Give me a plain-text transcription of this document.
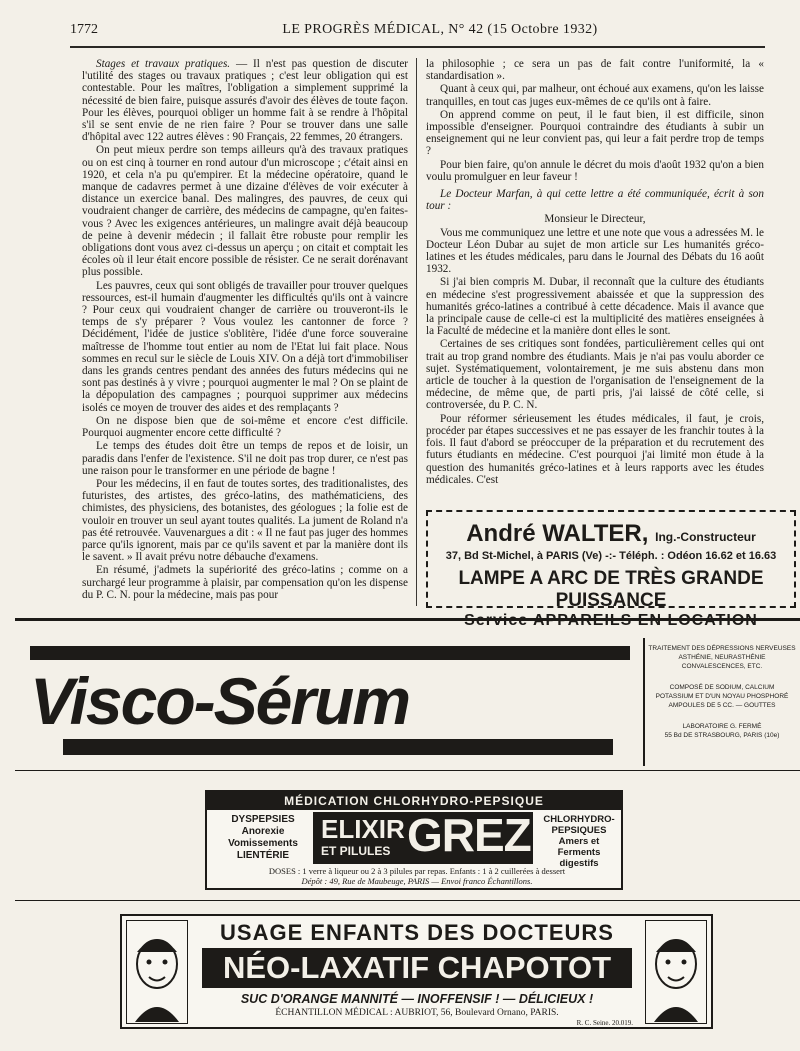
1772	LE PROGRÈS MÉDICAL, N° 42 (15 Octobre 1932)

Stages et travaux pratiques. — Il n'est pas question de discuter l'utilité des stages ou travaux pratiques ; c'est leur obligation qui est contestable. Pour les maîtres, l'obligation a simplement supprimé la nécessité de bien faire, puisque assurés d'avoir des élèves de toute façon. Pour les élèves, pourquoi obliger un homme fait à se rendre à l'hôpital s'il se sent envie de ne rien faire ? Pour se trouver dans une salle d'hôpital avec 122 autres élèves : 90 Français, 22 femmes, 20 étrangers.

On peut mieux perdre son temps ailleurs qu'à des travaux pratiques ou on est cinq à tourner en rond autour d'un microscope ; c'était ainsi en 1920, et cela n'a pu qu'empirer. Et la médecine opératoire, quand le manque de cadavres permet à une dizaine d'élèves de voir exécuter à distance un exercice banal. Des malingres, des pauvres, de ceux qui voudraient changer de carrière, des médecins de campagne, qu'en faites-vous ? Avec les exigences antérieures, un malingre avait déjà beaucoup de peine à devenir médecin ; il fallait être robuste pour remplir les obligations dont vous avez ci-dessus un aperçu ; on citait et comptait les écoles où il leur était encore possible de résister. Ce ne serait dorénavant plus possible.

Les pauvres, ceux qui sont obligés de travailler pour trouver quelques ressources, est-il humain d'augmenter les difficultés qu'ils ont à vaincre ? Pour ceux qui voudraient changer de carrière ou trouveront-ils le temps de s'y préparer ? Vous voulez les cantonner de force ? Décidément, l'idée de justice s'oblitère, l'idée d'une force souveraine maîtresse de l'homme tout entier au nom de l'Etat lui fait place. Nous sommes en recul sur le siècle de Louis XIV. On a déjà tort d'immobiliser dans les grands centres pendant des années des futurs médecins qui ne sont pas destinés à y vivre ; pourquoi augmenter le mal ? On se plaint de la dépopulation des campagnes ; pourquoi supprimer aux médecins isolés ce moyen de trouver des aides et des remplaçants ?

On ne dispose bien que de soi-même et encore c'est difficile. Pourquoi augmenter encore cette difficulté ?

Le temps des études doit être un temps de repos et de loisir, un paradis dans l'enfer de l'existence. S'il ne doit pas trop durer, ce n'est pas une raison pour le transformer en une période de bagne !

Pour les médecins, il en faut de toutes sortes, des traditionalistes, des futuristes, des artistes, des gréco-latins, des mathématiciens, des chimistes, des physiciens, des botanistes, des géologues ; la folie est de vouloir en trouver un seul ayant toutes qualités. La jument de Roland n'a pas été retrouvée. Vauvenargues a dit : « Il ne faut pas juger des hommes parce qu'ils ignorent, mais par ce qu'ils savent et par la manière dont ils le savent. » Il avait prévu notre débauche d'examens.

En résumé, j'admets la supériorité des gréco-latins ; comme on a surchargé leur programme à plaisir, par compensation qu'on les dispense du P. C. N. pour la médecine, mais pas pour

la philosophie ; ce sera un pas de fait contre l'uniformité, la « standardisation ».

Quant à ceux qui, par malheur, ont échoué aux examens, qu'on les laisse tranquilles, en tout cas juges eux-mêmes de ce qu'ils ont à faire.

On apprend comme on peut, il le faut bien, il est difficile, sinon impossible d'enseigner. Pourquoi contraindre des étudiants à subir un enseignement qui ne leur convient pas, qui leur a fait perdre trop de temps ?

Pour bien faire, qu'on annule le décret du mois d'août 1932 qu'on a bien voulu promulguer en leur faveur !

Le Docteur Marfan, à qui cette lettre a été communiquée, écrit à son tour :

Monsieur le Directeur,

Vous me communiquez une lettre et une note que vous a adressées M. le Docteur Léon Dubar au sujet de mon article sur Les humanités gréco-latines et les études médicales, paru dans le Journal des Débats du 16 août 1932.

Si j'ai bien compris M. Dubar, il reconnaît que la culture des étudiants en médecine s'est progressivement abaissée et que la suppression des humanités gréco-latines a contribué à cette décadence. Mais il avance que la principale cause de celle-ci est la multiplicité des matières enseignées à la Faculté de médecine et la manière dont elles le sont.

Certaines de ses critiques sont fondées, particulièrement celles qui ont trait au trop grand nombre des étudiants. Mais je n'ai pas voulu aborder ce sujet. Systématiquement, volontairement, je me suis abstenu dans mon article de toucher à la question de l'organisation de l'enseignement de la médecine, de même que, de parti pris, j'ai laissé de côté celle, si controversée, du P. C. N.

Pour réformer sérieusement les études médicales, il faut, je crois, procéder par étapes successives et ne pas essayer de les franchir toutes à la fois. Il faut d'abord se préoccuper de la préparation et du recrutement des futurs étudiants en médecine. C'est pourquoi j'ai limité mon étude à la question des humanités gréco-latines et à leurs rapports avec les études médicales. C'est

André WALTER, Ing.-Constructeur
37, Bd St-Michel, à PARIS (Ve) -:- Téléph. : Odéon 16.62 et 16.63
LAMPE A ARC DE TRÈS GRANDE PUISSANCE
Visco-Sérum
TRAITEMENT DES DÉPRESSIONS NERVEUSES
ASTHÉNIE, NEURASTHÉNIE
CONVALESCENCES, ETC.
COMPOSÉ DE SODIUM, CALCIUM
POTASSIUM ET D'UN NOYAU PHOSPHORÉ
AMPOULES DE 5 CC. — GOUTTES
LABORATOIRE G. FERMÉ
55 Bd DE STRASBOURG, PARIS (10e)
MÉDICATION CHLORHYDRO-PEPSIQUE
DYSPEPSIES
Anorexie
Vomissements
LIENTÉRIE
ELIXIR GREZ
ET PILULES
CHLORHYDRO-
PEPSIQUES
Amers et Ferments
digestifs
DOSES : 1 verre à liqueur ou 2 à 3 pilules par repas. Enfants : 1 à 2 cuillerées à dessert
Dépôt : 49, Rue de Maubeuge, PARIS — Envoi franco Échantillons.
USAGE ENFANTS DES DOCTEURS
NÉO-LAXATIF CHAPOTOT
SUC D'ORANGE MANNITÉ — INOFFENSIF ! — DÉLICIEUX !
ÉCHANTILLON MÉDICAL : AUBRIOT, 56, Boulevard Ornano, PARIS.
R. C. Seine. 20.019.
